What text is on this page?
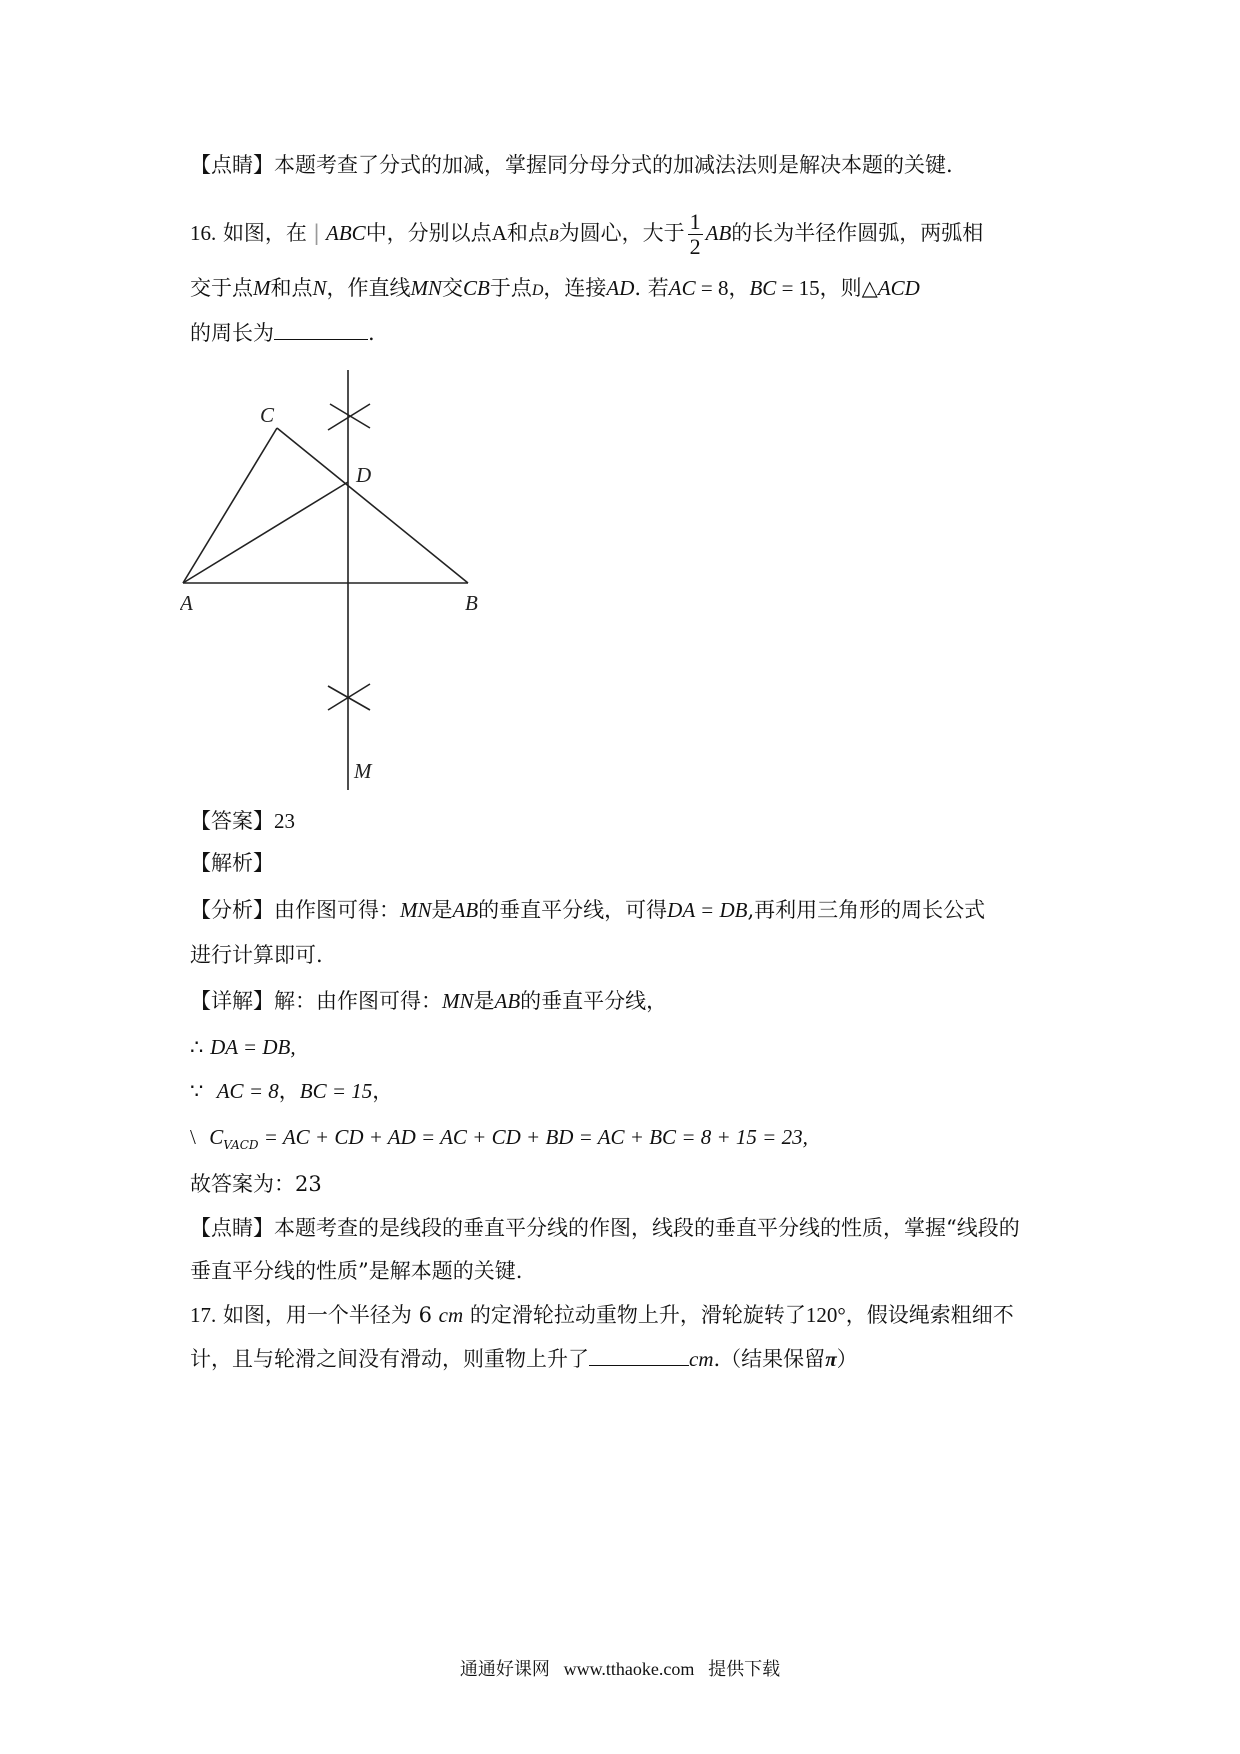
【点睛】本题考查了分式的加减，掌握同分母分式的加减法法则是解决本题的关键.
16. 如图，在 | ABC中，分别以点A和点B为圆心，大于 $\frac{1}{2}$ AB的长为半径作圆弧，两弧相
交于点M和点N，作直线MN交CB于点D，连接AD. 若AC = 8，BC = 15，则△ACD
的周长为	.
C
D
A	B
M
【答案】23
【解析】
【分析】由作图可得：MN是AB的垂直平分线，可得DA = DB,再利用三角形的周长公式
进行计算即可.
【详解】解：由作图可得：MN是AB的垂直平分线，
∴ DA = DB,
∵ AC = 8，BC = 15，
\ $C_{VACD}$ = AC + CD + AD = AC + CD + BD = AC + BC = 8 + 15 = 23,
故答案为：23
【点睛】本题考查的是线段的垂直平分线的作图，线段的垂直平分线的性质，掌握“线段的
垂直平分线的性质”是解本题的关键.
17. 如图，用一个半径为 6 cm 的定滑轮拉动重物上升，滑轮旋转了120°，假设绳索粗细不
计，且与轮滑之间没有滑动，则重物上升了	cm.（结果保留π）
通通好课网 www.tthaoke.com 提供下载
